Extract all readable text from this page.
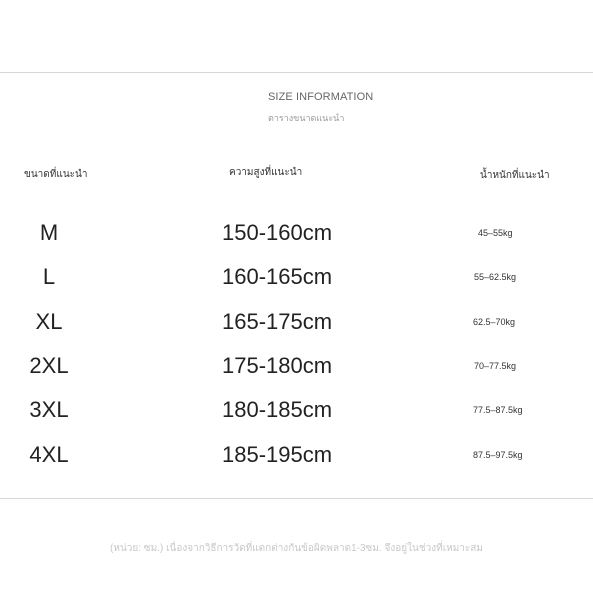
SIZE INFORMATION
ตารางขนาดแนะนำ
ขนาดที่แนะนำ	ความสูงที่แนะนำ	น้ำหนักที่แนะนำ
M	150-160cm	45–55kg
L	160-165cm	55–62.5kg
XL	165-175cm	62.5–70kg
2XL	175-180cm	70–77.5kg
3XL	180-185cm	77.5–87.5kg
4XL	185-195cm	87.5–97.5kg
(หน่วย: ซม.) เนื่องจากวิธีการวัดที่แตกต่างกันข้อผิดพลาด1-3ซม. จึงอยู่ในช่วงที่เหมาะสม
